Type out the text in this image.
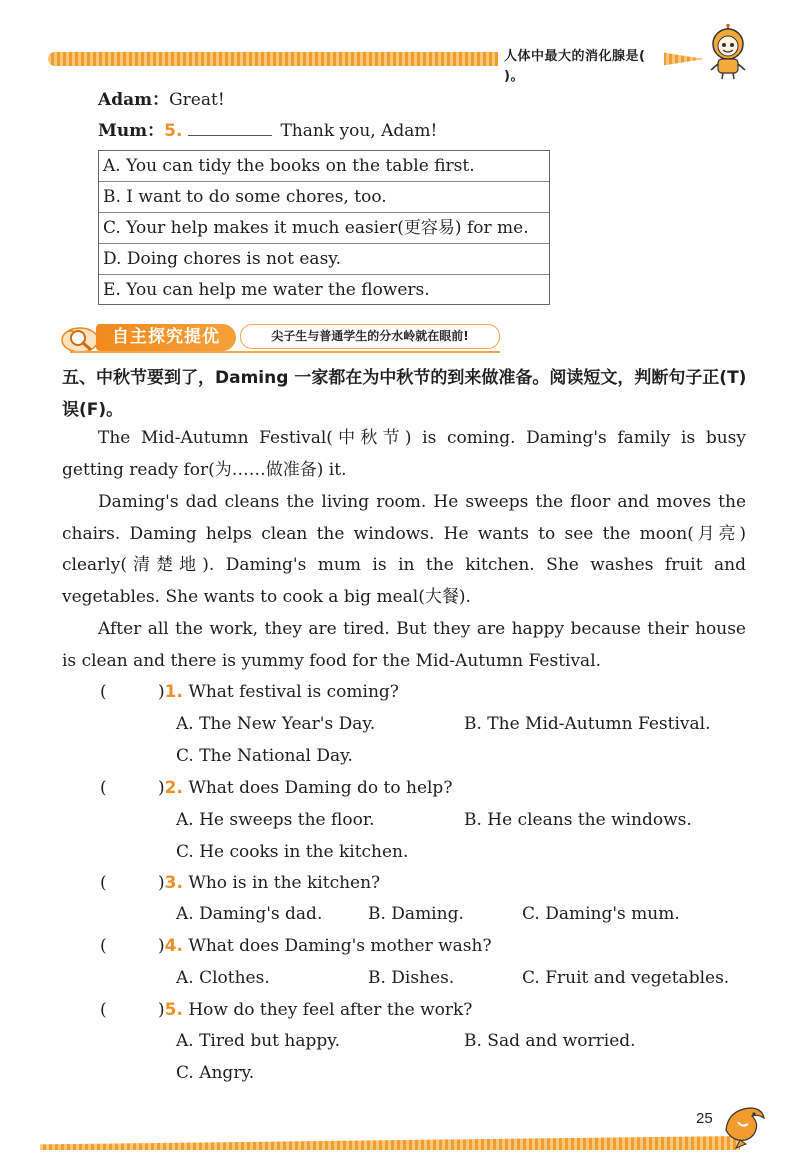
人体中最大的消化腺是( )。
Adam：Great!
Mum：5.	Thank you, Adam!
A. You can tidy the books on the table first.
B. I want to do some chores, too.
C. Your help makes it much easier(更容易) for me.
D. Doing chores is not easy.
E. You can help me water the flowers.
自主探究提优	尖子生与普通学生的分水岭就在眼前!
五、中秋节要到了，Daming 一家都在为中秋节的到来做准备。阅读短文，判断句子正(T)误(F)。
The Mid-Autumn Festival(中秋节) is coming. Daming's family is busy getting ready for(为……做准备) it.
Daming's dad cleans the living room. He sweeps the floor and moves the chairs. Daming helps clean the windows. He wants to see the moon(月亮) clearly(清楚地). Daming's mum is in the kitchen. She washes fruit and vegetables. She wants to cook a big meal(大餐).
After all the work, they are tired. But they are happy because their house is clean and there is yummy food for the Mid-Autumn Festival.
(	)1. What festival is coming?
A. The New Year's Day.	B. The Mid-Autumn Festival.
C. The National Day.
(	)2. What does Daming do to help?
A. He sweeps the floor.	B. He cleans the windows.
C. He cooks in the kitchen.
(	)3. Who is in the kitchen?
A. Daming's dad.	B. Daming.	C. Daming's mum.
(	)4. What does Daming's mother wash?
A. Clothes.	B. Dishes.	C. Fruit and vegetables.
(	)5. How do they feel after the work?
A. Tired but happy.	B. Sad and worried.
C. Angry.
25
